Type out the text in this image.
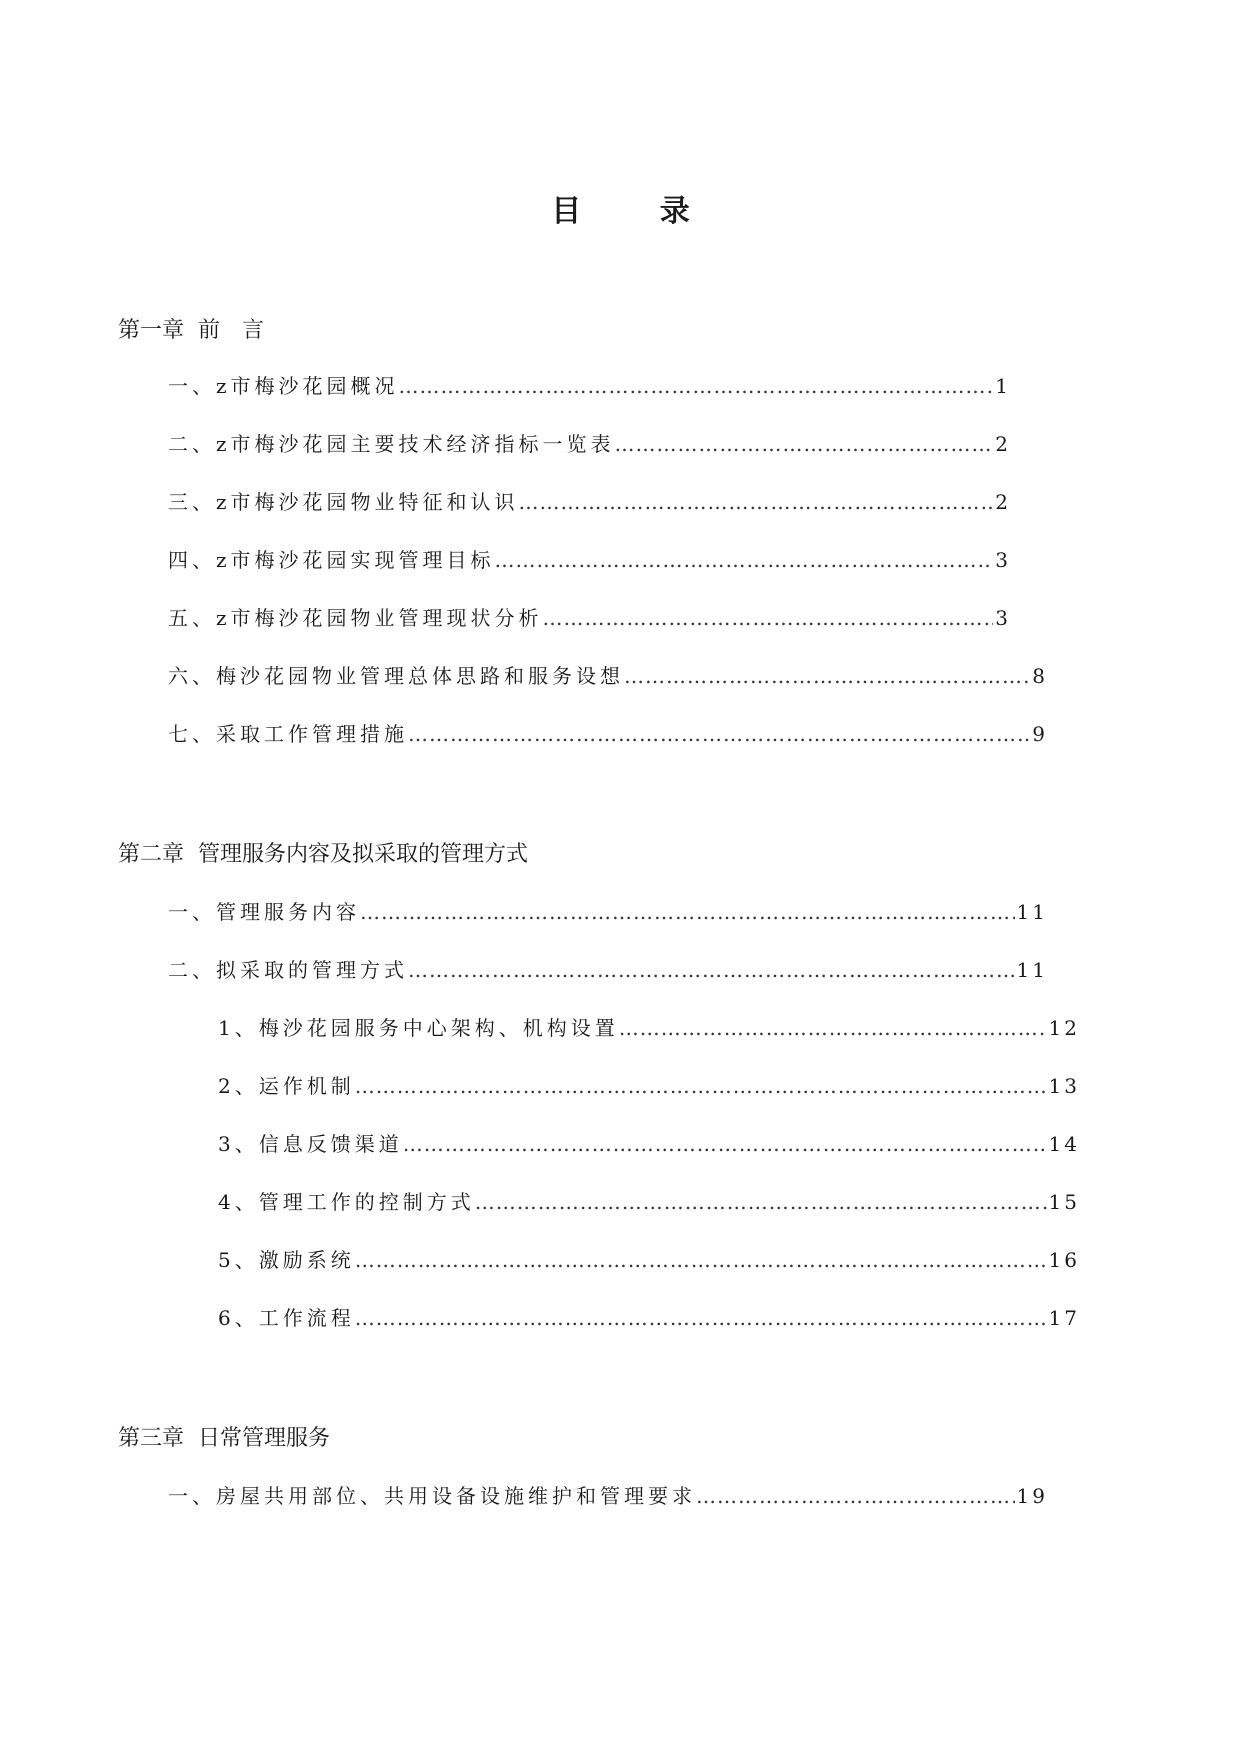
目 录
第一章 前　言
一、z市梅沙花园概况 ………………………………………………………………………………………………………………………………………………………………………………………………………………………………	1
二、z市梅沙花园主要技术经济指标一览表 ………………………………………………………………………………………………………………………………………………………………………………………………………………………………	2
三、z市梅沙花园物业特征和认识 ………………………………………………………………………………………………………………………………………………………………………………………………………………………………	2
四、z市梅沙花园实现管理目标 ………………………………………………………………………………………………………………………………………………………………………………………………………………………………	3
五、z市梅沙花园物业管理现状分析 ………………………………………………………………………………………………………………………………………………………………………………………………………………………………	3
六、梅沙花园物业管理总体思路和服务设想 ………………………………………………………………………………………………………………………………………………………………………………………………………………………………	8
七、采取工作管理措施 ………………………………………………………………………………………………………………………………………………………………………………………………………………………………	9
第二章 管理服务内容及拟采取的管理方式
一、管理服务内容 ………………………………………………………………………………………………………………………………………………………………………………………………………………………………	11
二、拟采取的管理方式 ………………………………………………………………………………………………………………………………………………………………………………………………………………………………	11
1、梅沙花园服务中心架构、机构设置 ………………………………………………………………………………………………………………………………………………………………………………………………………………………………	12
2、运作机制 ………………………………………………………………………………………………………………………………………………………………………………………………………………………………	13
3、信息反馈渠道 ………………………………………………………………………………………………………………………………………………………………………………………………………………………………	14
4、管理工作的控制方式 ………………………………………………………………………………………………………………………………………………………………………………………………………………………………	15
5、激励系统 ………………………………………………………………………………………………………………………………………………………………………………………………………………………………	16
6、工作流程 ………………………………………………………………………………………………………………………………………………………………………………………………………………………………	17
第三章 日常管理服务
一、房屋共用部位、共用设备设施维护和管理要求 ………………………………………………………………………………………………………………………………………………………………………………………………………………………………	19
